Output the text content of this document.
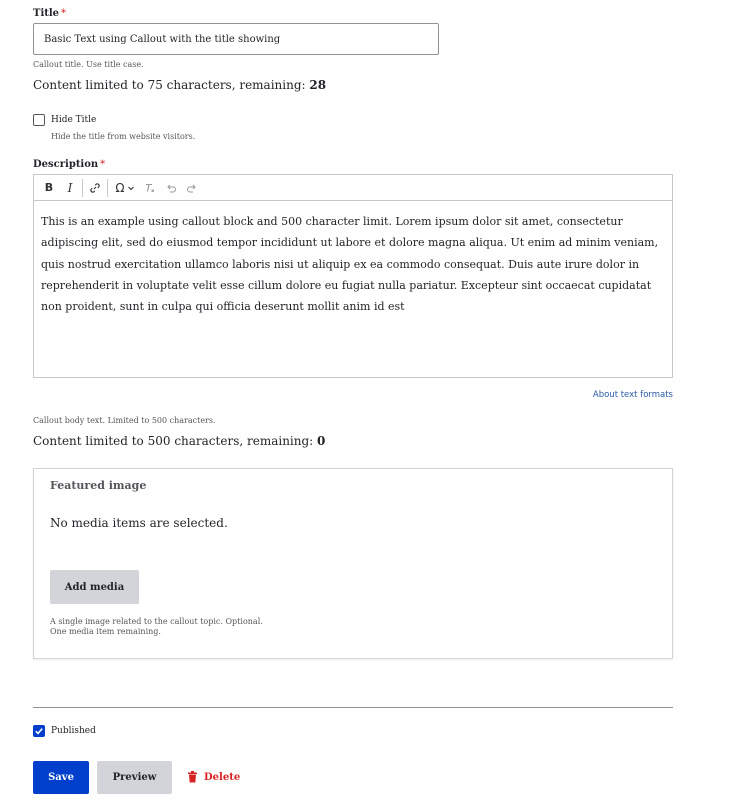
Title *
Basic Text using Callout with the title showing
Callout title. Use title case.
Content limited to 75 characters, remaining: 28
Hide Title
Hide the title from website visitors.
Description *
B	I	Ω
This is an example using callout block and 500 character limit. Lorem ipsum dolor sit amet, consectetur adipiscing elit, sed do eiusmod tempor incididunt ut labore et dolore magna aliqua. Ut enim ad minim veniam, quis nostrud exercitation ullamco laboris nisi ut aliquip ex ea commodo consequat. Duis aute irure dolor in reprehenderit in voluptate velit esse cillum dolore eu fugiat nulla pariatur. Excepteur sint occaecat cupidatat non proident, sunt in culpa qui officia deserunt mollit anim id est
About text formats
Callout body text. Limited to 500 characters.
Content limited to 500 characters, remaining: 0
Featured image
No media items are selected.
Add media
A single image related to the callout topic. Optional.
One media item remaining.
Published
Save	Preview	Delete
